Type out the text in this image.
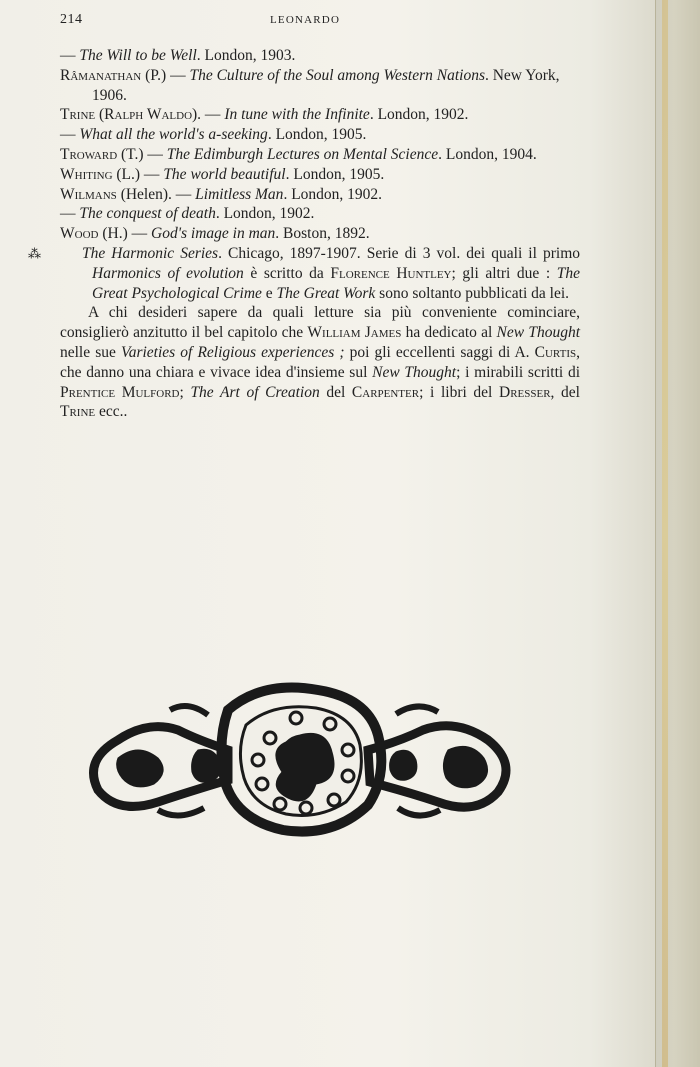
214	LEONARDO

— The Will to be Well. London, 1903.

Râmanathan (P.) — The Culture of the Soul among Western Nations. New York, 1906.

Trine (Ralph Waldo). — In tune with the Infinite. London, 1902.

— What all the world's a-seeking. London, 1905.

Troward (T.) — The Edimburgh Lectures on Mental Science. London, 1904.

Whiting (L.) — The world beautiful. London, 1905.

Wilmans (Helen). — Limitless Man. London, 1902.

— The conquest of death. London, 1902.

Wood (H.) — God's image in man. Boston, 1892.

⁂	The Harmonic Series. Chicago, 1897-1907. Serie di 3 vol. dei quali il primo Harmonics of evolution è scritto da Florence Huntley; gli altri due : The Great Psychological Crime e The Great Work sono soltanto pubblicati da lei.

A chi desideri sapere da quali letture sia più conveniente cominciare, consiglierò anzitutto il bel capitolo che William James ha dedicato al New Thought nelle sue Varieties of Religious experiences ; poi gli eccellenti saggi di A. Curtis, che danno una chiara e vivace idea d'insieme sul New Thought; i mirabili scritti di Prentice Mulford; The Art of Creation del Carpenter; i libri del Dresser, del Trine ecc..
